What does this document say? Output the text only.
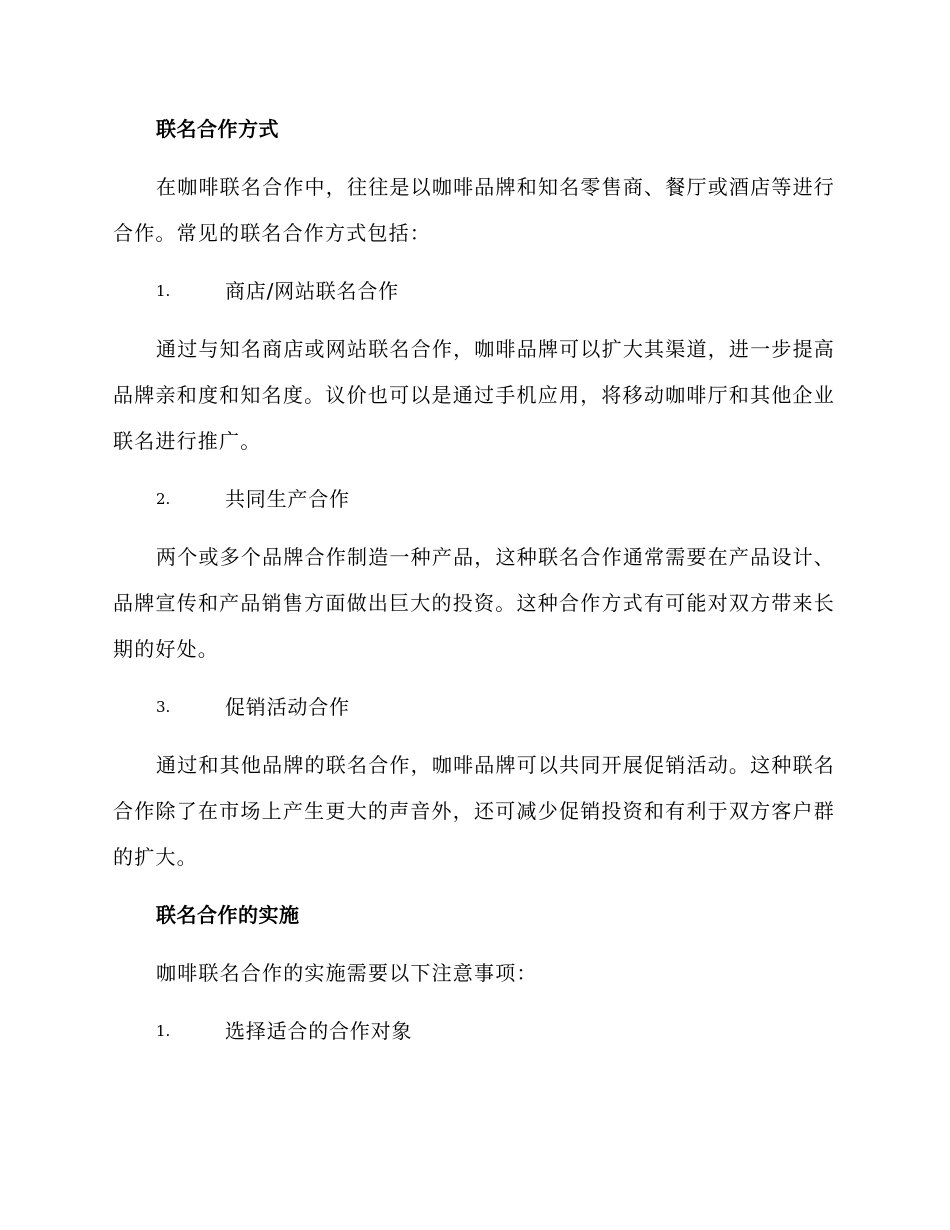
联名合作方式
在咖啡联名合作中，往往是以咖啡品牌和知名零售商、餐厅或酒店等进行合作。常见的联名合作方式包括：
1.	商店/网站联名合作
通过与知名商店或网站联名合作，咖啡品牌可以扩大其渠道，进一步提高品牌亲和度和知名度。议价也可以是通过手机应用，将移动咖啡厅和其他企业联名进行推广。
2.	共同生产合作
两个或多个品牌合作制造一种产品，这种联名合作通常需要在产品设计、品牌宣传和产品销售方面做出巨大的投资。这种合作方式有可能对双方带来长期的好处。
3.	促销活动合作
通过和其他品牌的联名合作，咖啡品牌可以共同开展促销活动。这种联名合作除了在市场上产生更大的声音外，还可减少促销投资和有利于双方客户群的扩大。
联名合作的实施
咖啡联名合作的实施需要以下注意事项：
1.	选择适合的合作对象
